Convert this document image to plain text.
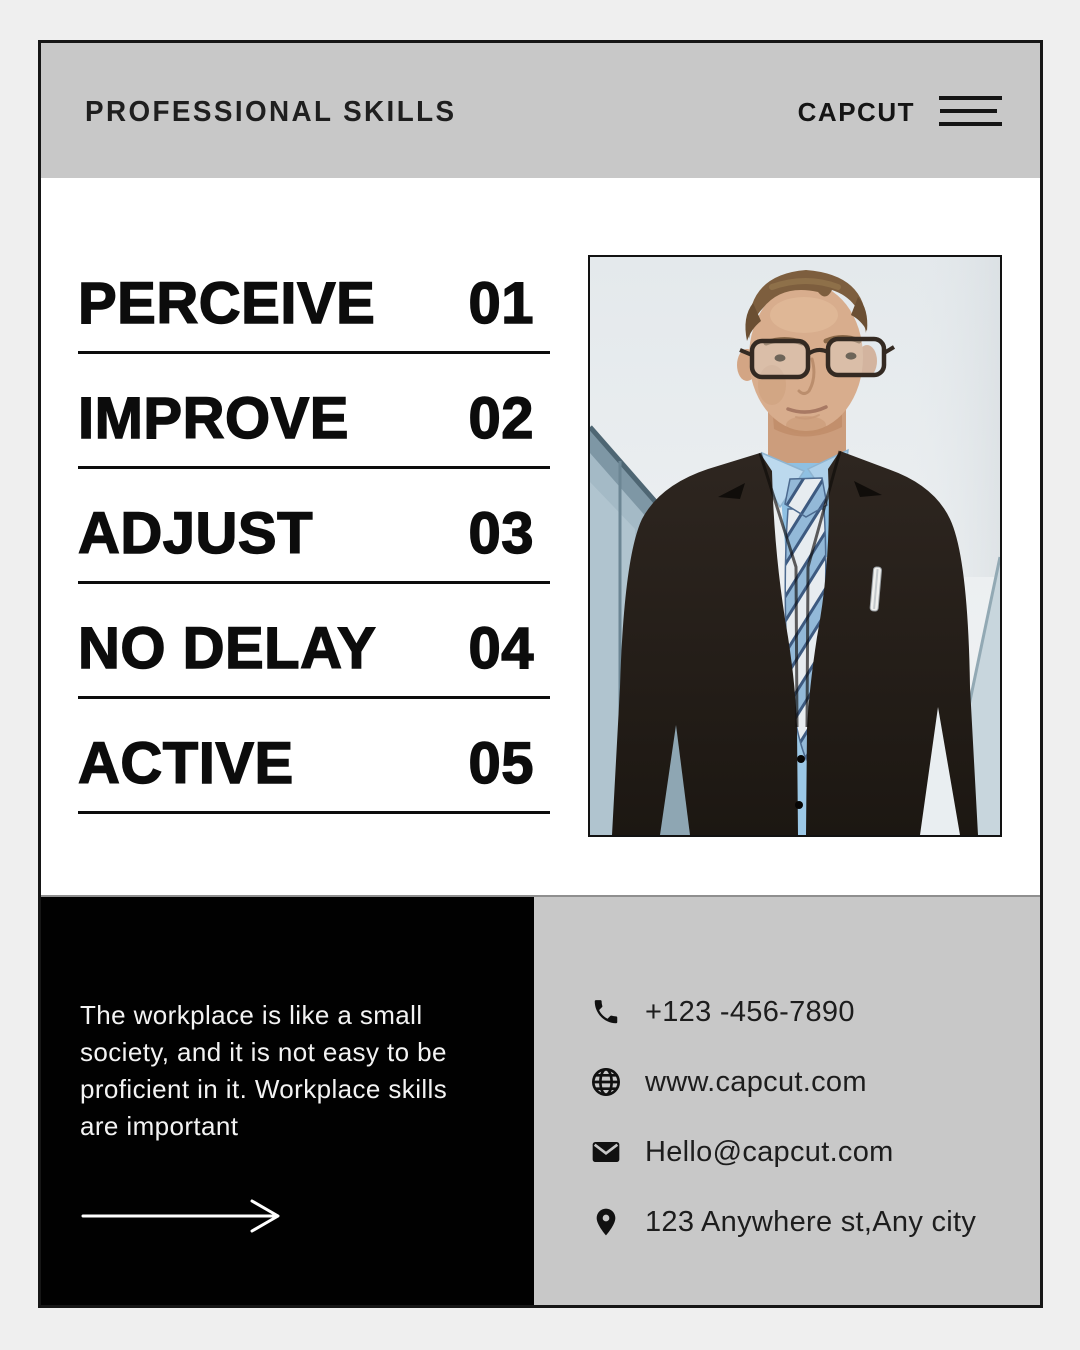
PROFESSIONAL SKILLS	CAPCUT
PERCEIVE 01
IMPROVE 02
ADJUST	03
NO DELAY 04
ACTIVE	05
The workplace is like a small
society, and it is not easy to be
proficient in it. Workplace skills
are important
+123 -456-7890
www.capcut.com
Hello@capcut.com
123 Anywhere st,Any city
